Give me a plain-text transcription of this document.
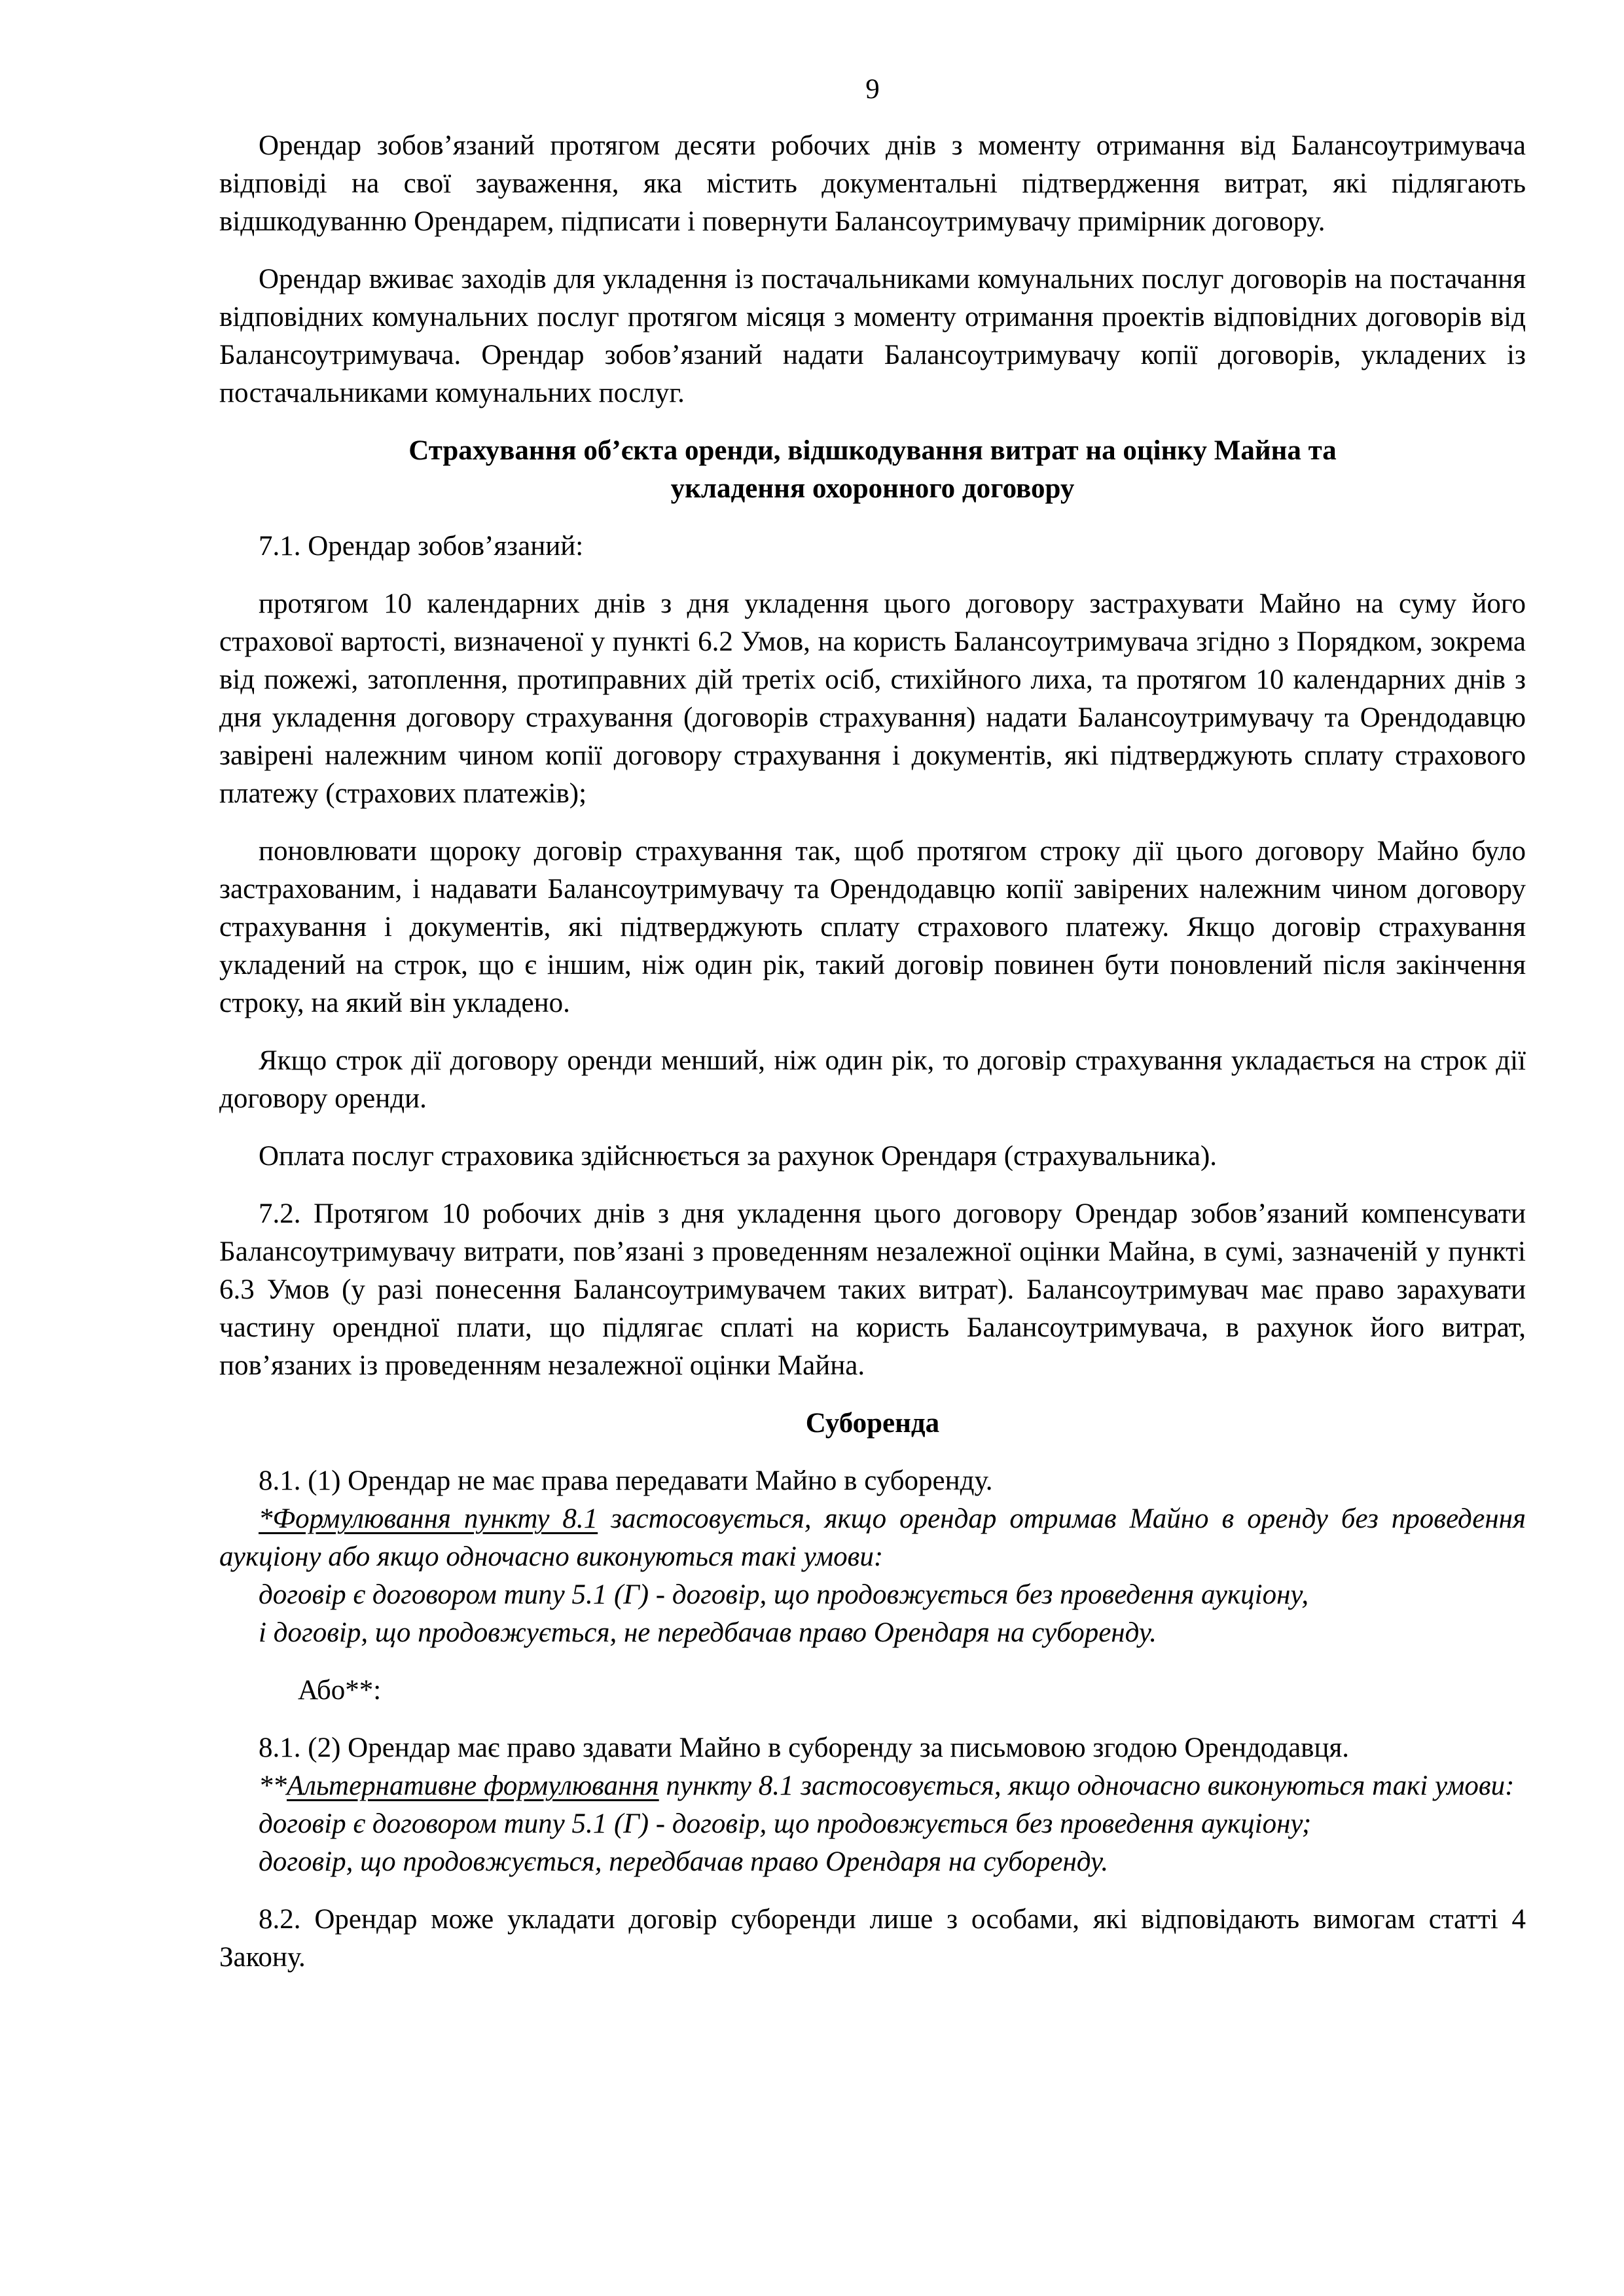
9

Орендар зобов’язаний протягом десяти робочих днів з моменту отримання від Балансоутримувача відповіді на свої зауваження, яка містить документальні підтвердження витрат, які підлягають відшкодуванню Орендарем, підписати і повернути Балансоутримувачу примірник договору.

Орендар вживає заходів для укладення із постачальниками комунальних послуг договорів на постачання відповідних комунальних послуг протягом місяця з моменту отримання проектів відповідних договорів від Балансоутримувача. Орендар зобов’язаний надати Балансоутримувачу копії договорів, укладених із постачальниками комунальних послуг.

Страхування об’єкта оренди, відшкодування витрат на оцінку Майна та
укладення охоронного договору

7.1. Орендар зобов’язаний:

протягом 10 календарних днів з дня укладення цього договору застрахувати Майно на суму його страхової вартості, визначеної у пункті 6.2 Умов, на користь Балансоутримувача згідно з Порядком, зокрема від пожежі, затоплення, протиправних дій третіх осіб, стихійного лиха, та протягом 10 календарних днів з дня укладення договору страхування (договорів страхування) надати Балансоутримувачу та Орендодавцю завірені належним чином копії договору страхування і документів, які підтверджують сплату страхового платежу (страхових платежів);

поновлювати щороку договір страхування так, щоб протягом строку дії цього договору Майно було застрахованим, і надавати Балансоутримувачу та Орендодавцю копії завірених належним чином договору страхування і документів, які підтверджують сплату страхового платежу. Якщо договір страхування укладений на строк, що є іншим, ніж один рік, такий договір повинен бути поновлений після закінчення строку, на який він укладено.

Якщо строк дії договору оренди менший, ніж один рік, то договір страхування укладається на строк дії договору оренди.

Оплата послуг страховика здійснюється за рахунок Орендаря (страхувальника).

7.2. Протягом 10 робочих днів з дня укладення цього договору Орендар зобов’язаний компенсувати Балансоутримувачу витрати, пов’язані з проведенням незалежної оцінки Майна, в сумі, зазначеній у пункті 6.3 Умов (у разі понесення Балансоутримувачем таких витрат). Балансоутримувач має право зарахувати частину орендної плати, що підлягає сплаті на користь Балансоутримувача, в рахунок його витрат, пов’язаних із проведенням незалежної оцінки Майна.

Суборенда

8.1. (1) Орендар не має права передавати Майно в суборенду.

*Формулювання пункту 8.1 застосовується, якщо орендар отримав Майно в оренду без проведення аукціону або якщо одночасно виконуються такі умови:

договір є договором типу 5.1 (Г) - договір, що продовжується без проведення аукціону,

і договір, що продовжується, не передбачав право Орендаря на суборенду.

Або**:

8.1. (2) Орендар має право здавати Майно в суборенду за письмовою згодою Орендодавця.

**Альтернативне формулювання пункту 8.1 застосовується, якщо одночасно виконуються такі умови:

договір є договором типу 5.1 (Г) - договір, що продовжується без проведення аукціону;

договір, що продовжується, передбачав право Орендаря на суборенду.

8.2. Орендар може укладати договір суборенди лише з особами, які відповідають вимогам статті 4 Закону.
